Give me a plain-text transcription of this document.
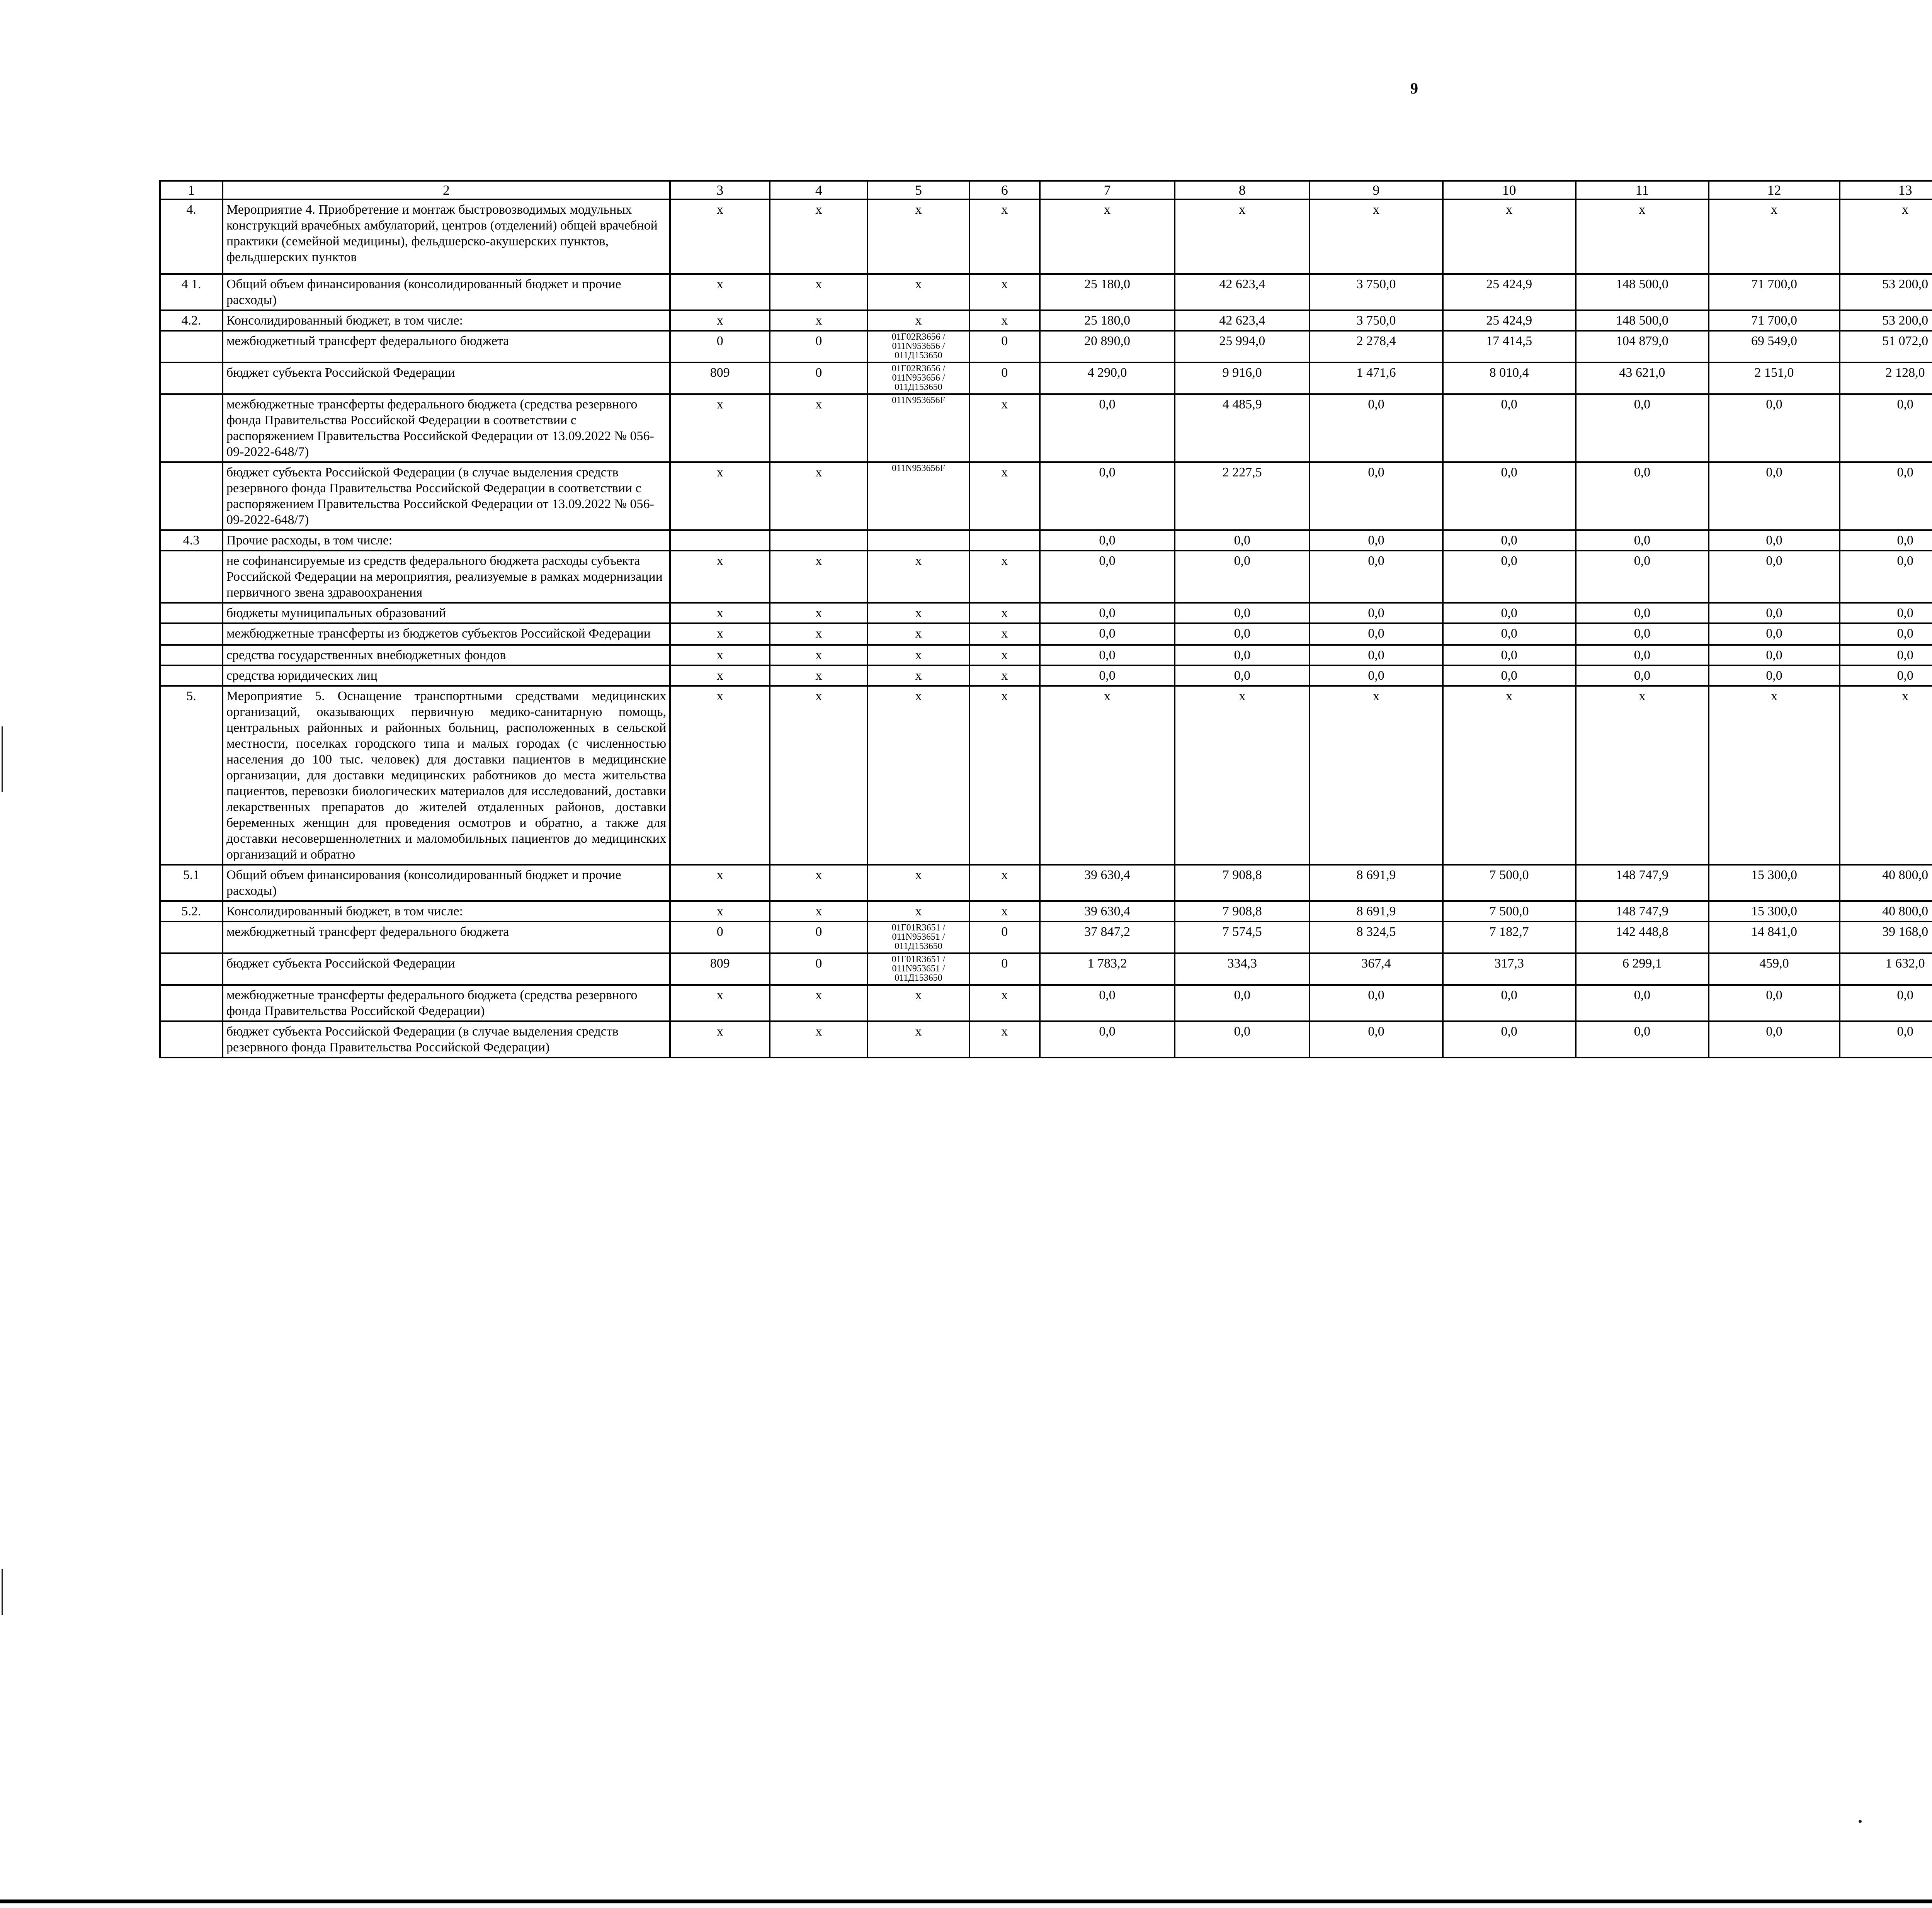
9
1	2	3	4	5	6	7	8	9	10	11	12	13				
4.	Мероприятие 4. Приобретение и монтаж быстровозводимых модульных конструкций врачебных амбулаторий, центров (отделений) общей врачебной практики (семейной медицины), фельдшерско-акушерских пунктов, фельдшерских пунктов	x	x	x	x	x	x	x	x	x	x	x				
4 1.	Общий объем финансирования (консолидированный бюджет и прочие расходы)	x	x	x	x	25 180,0	42 623,4	3 750,0	25 424,9	148 500,0	71 700,0	53 200,0				
4.2.	Консолидированный бюджет, в том числе:	x	x	x	x	25 180,0	42 623,4	3 750,0	25 424,9	148 500,0	71 700,0	53 200,0				
	межбюджетный трансферт федерального бюджета	0	0	01Г02R3656 / 011N953656 / 011Д153650	0	20 890,0	25 994,0	2 278,4	17 414,5	104 879,0	69 549,0	51 072,0				
	бюджет субъекта Российской Федерации	809	0	01Г02R3656 / 011N953656 / 011Д153650	0	4 290,0	9 916,0	1 471,6	8 010,4	43 621,0	2 151,0	2 128,0				
	межбюджетные трансферты федерального бюджета (средства резервного фонда Правительства Российской Федерации в соответствии с распоряжением Правительства Российской Федерации от 13.09.2022 № 056-09-2022-648/7)	x	x	011N953656F	x	0,0	4 485,9	0,0	0,0	0,0	0,0	0,0				
	бюджет субъекта Российской Федерации (в случае выделения средств резервного фонда Правительства Российской Федерации в соответствии с распоряжением Правительства Российской Федерации от 13.09.2022 № 056-09-2022-648/7)	x	x	011N953656F	x	0,0	2 227,5	0,0	0,0	0,0	0,0	0,0				
4.3	Прочие расходы, в том числе:					0,0	0,0	0,0	0,0	0,0	0,0	0,0				
	не софинансируемые из средств федерального бюджета расходы субъекта Российской Федерации на мероприятия, реализуемые в рамках модернизации первичного звена здравоохранения	x	x	x	x	0,0	0,0	0,0	0,0	0,0	0,0	0,0				
	бюджеты муниципальных образований	x	x	x	x	0,0	0,0	0,0	0,0	0,0	0,0	0,0				
	межбюджетные трансферты из бюджетов субъектов Российской Федерации	x	x	x	x	0,0	0,0	0,0	0,0	0,0	0,0	0,0				
	средства государственных внебюджетных фондов	x	x	x	x	0,0	0,0	0,0	0,0	0,0	0,0	0,0				
	средства юридических лиц	x	x	x	x	0,0	0,0	0,0	0,0	0,0	0,0	0,0				
5.	Мероприятие 5. Оснащение транспортными средствами медицинских организаций, оказывающих первичную медико-санитарную помощь, центральных районных и районных больниц, расположенных в сельской местности, поселках городского типа и малых городах (с численностью населения до 100 тыс. человек) для доставки пациентов в медицинские организации, для доставки медицинских работников до места жительства пациентов, перевозки биологических материалов для исследований, доставки лекарственных препаратов до жителей отдаленных районов, доставки беременных женщин для проведения осмотров и обратно, а также для доставки несовершеннолетних и маломобильных пациентов до медицинских организаций и обратно	x	x	x	x	x	x	x	x	x	x	x				
5.1	Общий объем финансирования (консолидированный бюджет и прочие расходы)	x	x	x	x	39 630,4	7 908,8	8 691,9	7 500,0	148 747,9	15 300,0	40 800,0				
5.2.	Консолидированный бюджет, в том числе:	x	x	x	x	39 630,4	7 908,8	8 691,9	7 500,0	148 747,9	15 300,0	40 800,0				
	межбюджетный трансферт федерального бюджета	0	0	01Г01R3651 / 011N953651 / 011Д153650	0	37 847,2	7 574,5	8 324,5	7 182,7	142 448,8	14 841,0	39 168,0				
	бюджет субъекта Российской Федерации	809	0	01Г01R3651 / 011N953651 / 011Д153650	0	1 783,2	334,3	367,4	317,3	6 299,1	459,0	1 632,0				
	межбюджетные трансферты федерального бюджета (средства резервного фонда Правительства Российской Федерации)	x	x	x	x	0,0	0,0	0,0	0,0	0,0	0,0	0,0				
	бюджет субъекта Российской Федерации (в случае выделения средств резервного фонда Правительства Российской Федерации)	x	x	x	x	0,0	0,0	0,0	0,0	0,0	0,0	0,0				
